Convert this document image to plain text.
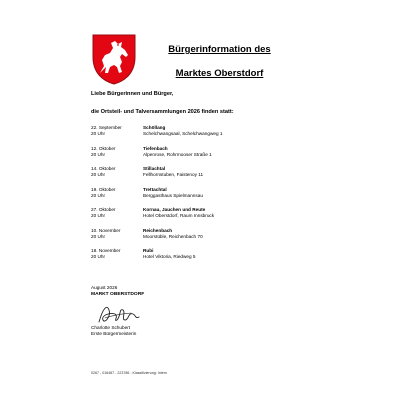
Bürgerinformation des
Marktes Oberstdorf
Liebe Bürgerinnen und Bürger,
die Ortsteil- und Talversammlungen 2026 finden statt:
22. September
20 Uhr
Schöllang
Schelchwangsaal, Schelchwangweg 1
12. Oktober
20 Uhr
Tiefenbach
Alpenrose, Rohrmooser Straße 1
14. Oktober
20 Uhr
Stillachtal
Fellhornstuben, Faistenoy 11
19. Oktober
20 Uhr
Trettachtal
Berggasthaus Spielmannsau
27. Oktober
20 Uhr
Kornau, Jauchen und Reute
Hotel Oberstdorf, Raum Innsbruck
10. November
20 Uhr
Reichenbach
Moorstüble, Reichenbach 70
18. November
20 Uhr
Rubi
Hotel Viktoria, Riedweg 5
August 2026
MARKT OBERSTDORF
Charlotte Schubert
Erste Bürgermeisterin
0267 - 016487 - 223786 - Klassifizierung: Intern
